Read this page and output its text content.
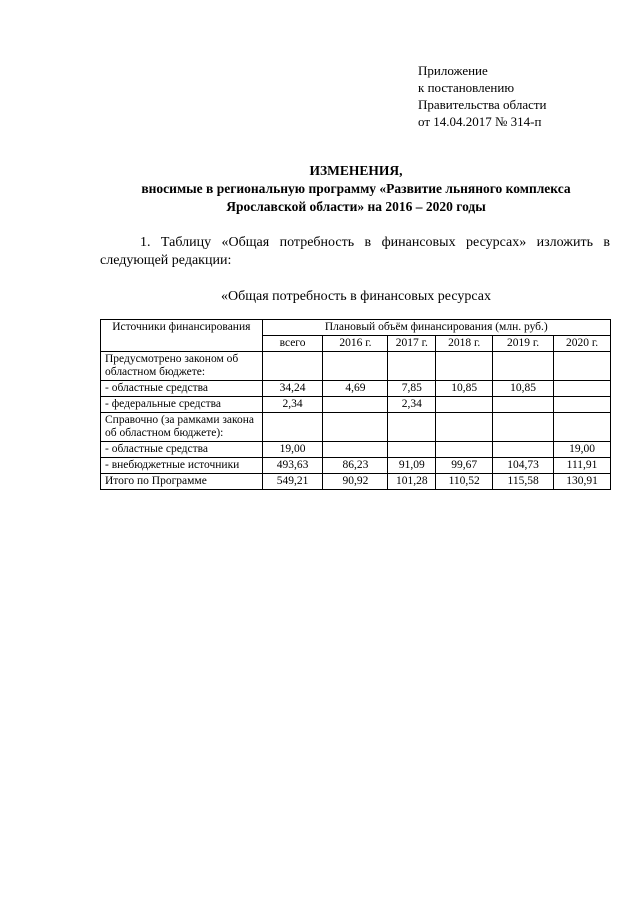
Приложение
к постановлению
Правительства области
от 14.04.2017 № 314-п
ИЗМЕНЕНИЯ,
вносимые в региональную программу «Развитие льняного комплекса
Ярославской области» на 2016 – 2020 годы
1. Таблицу «Общая потребность в финансовых ресурсах» изложить в
следующей редакции:
«Общая потребность в финансовых ресурсах
Источники финансирования	Плановый объём финансирования (млн. руб.)					
	всего	2016 г.	2017 г.	2018 г.	2019 г.	2020 г.
Предусмотрено законом об областном бюджете:						
- областные средства	34,24	4,69	7,85	10,85	10,85	
- федеральные средства	2,34		2,34			
Справочно (за рамками закона об областном бюджете):						
- областные средства	19,00					19,00
- внебюджетные источники	493,63	86,23	91,09	99,67	104,73	111,91
Итого по Программе	549,21	90,92	101,28	110,52	115,58	130,91
